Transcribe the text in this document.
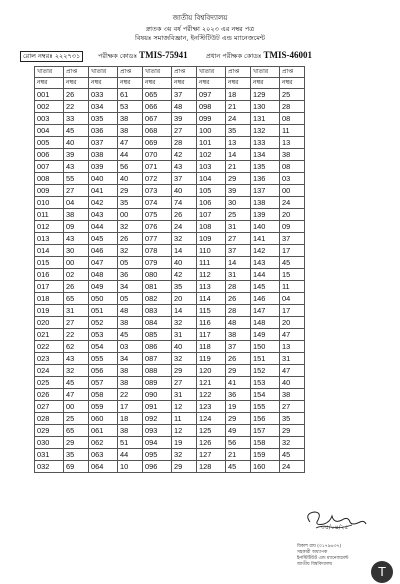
জাতীয় বিশ্ববিদ্যালয়
স্নাতক ৩য় বর্ষ পরীক্ষা ২০২৩ এর নম্বর পত্র
বিষয়ঃ সমাজবিজ্ঞান, ইনস্টিটিউট এন্ড ম্যানেজমেন্ট
রোল নম্বরঃ ২২২৭৩১	পরীক্ষক কোডঃ TMIS-75941	প্রধান পরীক্ষক কোডঃ TMIS-46001
খাতার	প্রাপ্ত	খাতার	প্রাপ্ত	খাতার	প্রাপ্ত	খাতার	প্রাপ্ত	খাতার	প্রাপ্ত
নম্বর	নম্বর	নম্বর	নম্বর	নম্বর	নম্বর	নম্বর	নম্বর	নম্বর	নম্বর
001	26	033	61	065	37	097	18	129	25
002	22	034	53	066	48	098	21	130	28
003	33	035	38	067	39	099	24	131	08
004	45	036	38	068	27	100	35	132	11
005	40	037	47	069	28	101	13	133	13
006	39	038	44	070	42	102	14	134	38
007	43	039	56	071	43	103	21	135	08
008	55	040	40	072	37	104	29	136	03
009	27	041	29	073	40	105	39	137	00
010	04	042	35	074	74	106	30	138	24
011	38	043	00	075	26	107	25	139	20
012	09	044	32	076	24	108	31	140	09
013	43	045	26	077	32	109	27	141	37
014	30	046	32	078	14	110	37	142	17
015	00	047	05	079	40	111	14	143	45
016	02	048	36	080	42	112	31	144	15
017	26	049	34	081	35	113	28	145	11
018	65	050	05	082	20	114	26	146	04
019	31	051	48	083	14	115	28	147	17
020	27	052	38	084	32	116	48	148	20
021	22	053	45	085	31	117	38	149	47
022	62	054	03	086	40	118	37	150	13
023	43	055	34	087	32	119	26	151	31
024	32	056	38	088	29	120	29	152	47
025	45	057	38	089	27	121	41	153	40
026	47	058	22	090	31	122	36	154	38
027	00	059	17	091	12	123	19	155	27
028	25	060	18	092	11	124	29	156	35
029	65	061	38	093	12	125	49	157	29
030	29	062	51	094	19	126	56	158	32
031	35	063	44	095	32	127	21	159	45
032	69	064	10	096	29	128	45	160	24
০৫/০৪/২৫
বিকাশ রায় (০১৭৯৬৩৭)
সহকারী অধ্যাপক
ইনস্টিটিউট এন্ড ম্যানেজমেন্ট
জাতীয় বিশ্ববিদ্যালয়
T
